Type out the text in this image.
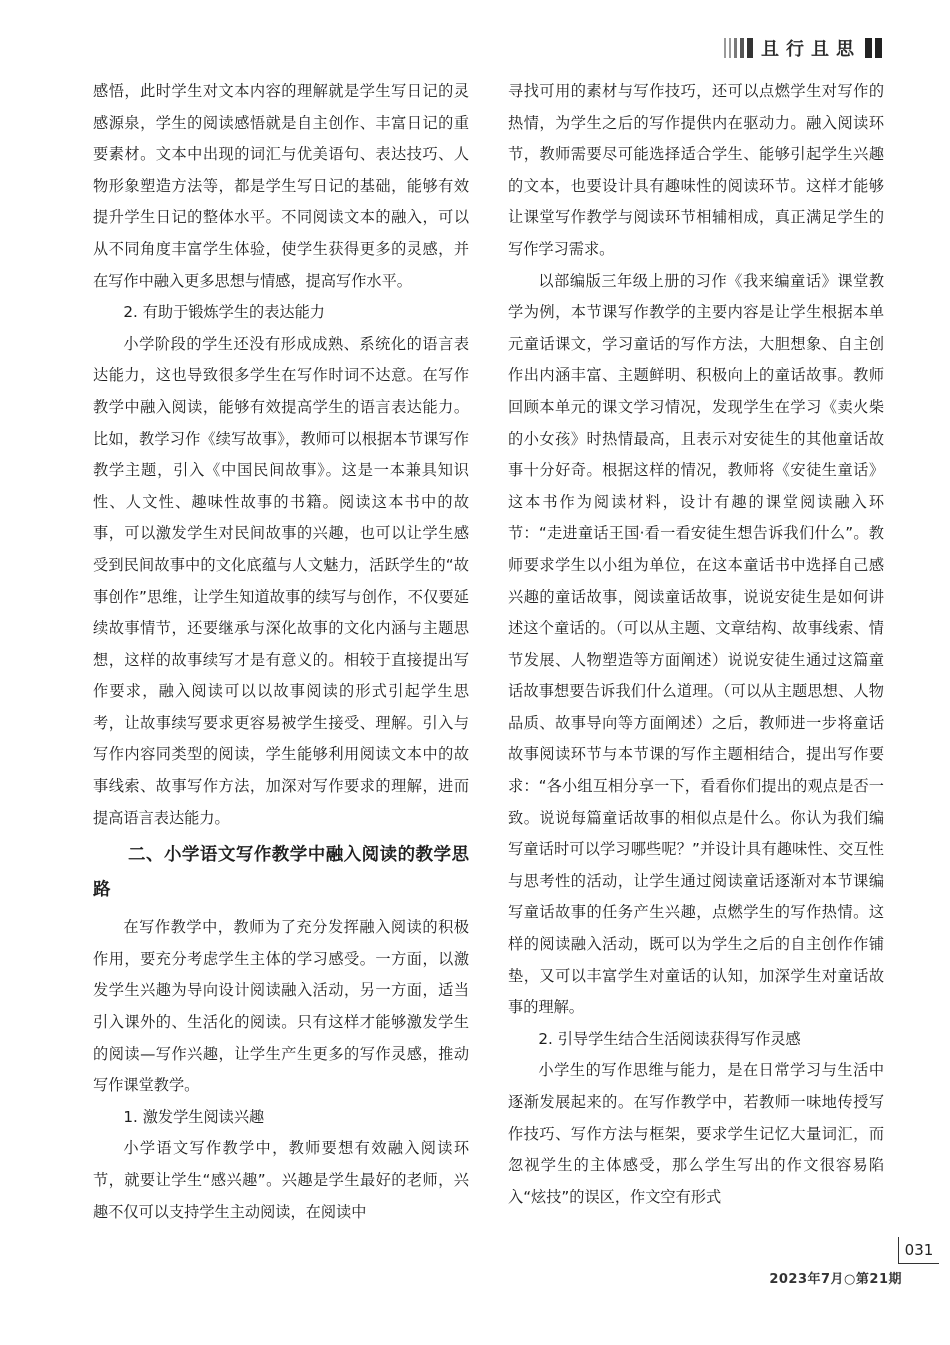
且行且思

感悟，此时学生对文本内容的理解就是学生写日记的灵感源泉，学生的阅读感悟就是自主创作、丰富日记的重要素材。文本中出现的词汇与优美语句、表达技巧、人物形象塑造方法等，都是学生写日记的基础，能够有效提升学生日记的整体水平。不同阅读文本的融入，可以从不同角度丰富学生体验，使学生获得更多的灵感，并在写作中融入更多思想与情感，提高写作水平。

2. 有助于锻炼学生的表达能力

小学阶段的学生还没有形成成熟、系统化的语言表达能力，这也导致很多学生在写作时词不达意。在写作教学中融入阅读，能够有效提高学生的语言表达能力。比如，教学习作《续写故事》，教师可以根据本节课写作教学主题，引入《中国民间故事》。这是一本兼具知识性、人文性、趣味性故事的书籍。阅读这本书中的故事，可以激发学生对民间故事的兴趣，也可以让学生感受到民间故事中的文化底蕴与人文魅力，活跃学生的“故事创作”思维，让学生知道故事的续写与创作，不仅要延续故事情节，还要继承与深化故事的文化内涵与主题思想，这样的故事续写才是有意义的。相较于直接提出写作要求，融入阅读可以以故事阅读的形式引起学生思考，让故事续写要求更容易被学生接受、理解。引入与写作内容同类型的阅读，学生能够利用阅读文本中的故事线索、故事写作方法，加深对写作要求的理解，进而提高语言表达能力。

二、小学语文写作教学中融入阅读的教学思路

在写作教学中，教师为了充分发挥融入阅读的积极作用，要充分考虑学生主体的学习感受。一方面，以激发学生兴趣为导向设计阅读融入活动，另一方面，适当引入课外的、生活化的阅读。只有这样才能够激发学生的阅读—写作兴趣，让学生产生更多的写作灵感，推动写作课堂教学。

1. 激发学生阅读兴趣

小学语文写作教学中，教师要想有效融入阅读环节，就要让学生“感兴趣”。兴趣是学生最好的老师，兴趣不仅可以支持学生主动阅读，在阅读中

寻找可用的素材与写作技巧，还可以点燃学生对写作的热情，为学生之后的写作提供内在驱动力。融入阅读环节，教师需要尽可能选择适合学生、能够引起学生兴趣的文本，也要设计具有趣味性的阅读环节。这样才能够让课堂写作教学与阅读环节相辅相成，真正满足学生的写作学习需求。

以部编版三年级上册的习作《我来编童话》课堂教学为例，本节课写作教学的主要内容是让学生根据本单元童话课文，学习童话的写作方法，大胆想象、自主创作出内涵丰富、主题鲜明、积极向上的童话故事。教师回顾本单元的课文学习情况，发现学生在学习《卖火柴的小女孩》时热情最高，且表示对安徒生的其他童话故事十分好奇。根据这样的情况，教师将《安徒生童话》这本书作为阅读材料，设计有趣的课堂阅读融入环节：“走进童话王国·看一看安徒生想告诉我们什么”。教师要求学生以小组为单位，在这本童话书中选择自己感兴趣的童话故事，阅读童话故事，说说安徒生是如何讲述这个童话的。（可以从主题、文章结构、故事线索、情节发展、人物塑造等方面阐述）说说安徒生通过这篇童话故事想要告诉我们什么道理。（可以从主题思想、人物品质、故事导向等方面阐述）之后，教师进一步将童话故事阅读环节与本节课的写作主题相结合，提出写作要求：“各小组互相分享一下，看看你们提出的观点是否一致。说说每篇童话故事的相似点是什么。你认为我们编写童话时可以学习哪些呢？”并设计具有趣味性、交互性与思考性的活动，让学生通过阅读童话逐渐对本节课编写童话故事的任务产生兴趣，点燃学生的写作热情。这样的阅读融入活动，既可以为学生之后的自主创作作铺垫，又可以丰富学生对童话的认知，加深学生对童话故事的理解。

2. 引导学生结合生活阅读获得写作灵感

小学生的写作思维与能力，是在日常学习与生活中逐渐发展起来的。在写作教学中，若教师一味地传授写作技巧、写作方法与框架，要求学生记忆大量词汇，而忽视学生的主体感受，那么学生写出的作文很容易陷入“炫技”的误区，作文空有形式

031
2023年7月○第21期
